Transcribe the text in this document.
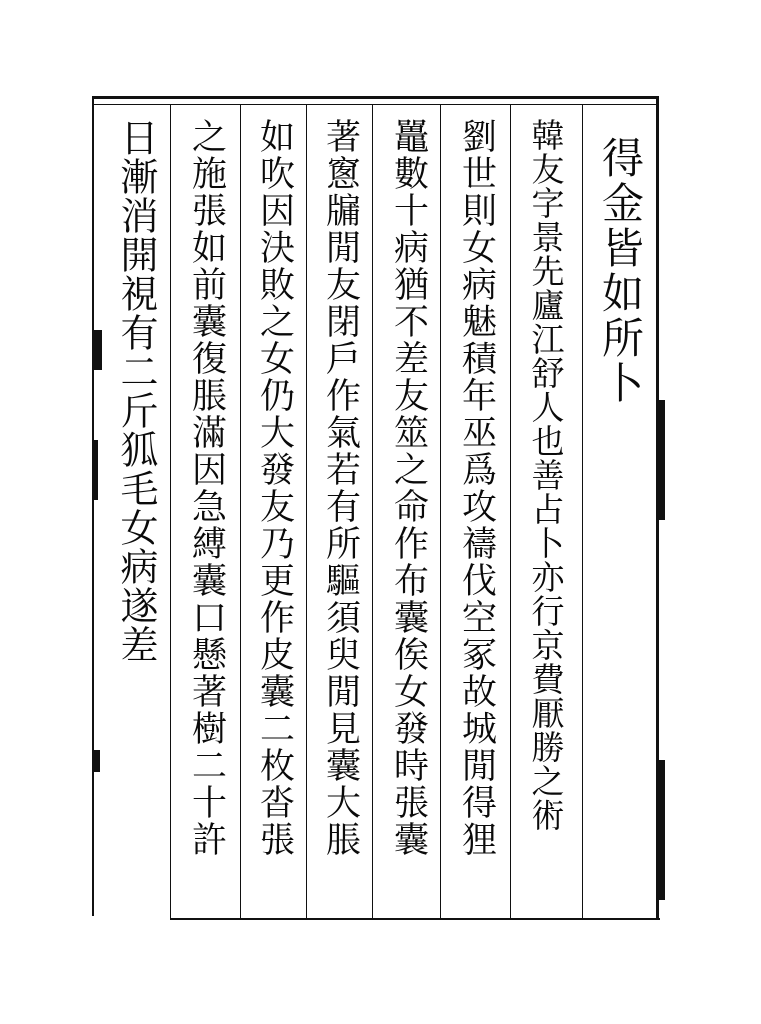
得金皆如所卜
韓友字景先廬江舒人也善占卜亦行京費厭勝之術
劉世則女病魅積年巫爲攻禱伐空冢故城閒得狸
鼉數十病猶不差友筮之命作布囊俟女發時張囊
著窻牖閒友閉戶作氣若有所驅須臾閒見囊大脹
如吹因決敗之女仍大發友乃更作皮囊二枚沓張
之施張如前囊復脹滿因急縛囊口懸著樹二十許
日漸消開視有二斤狐毛女病遂差
